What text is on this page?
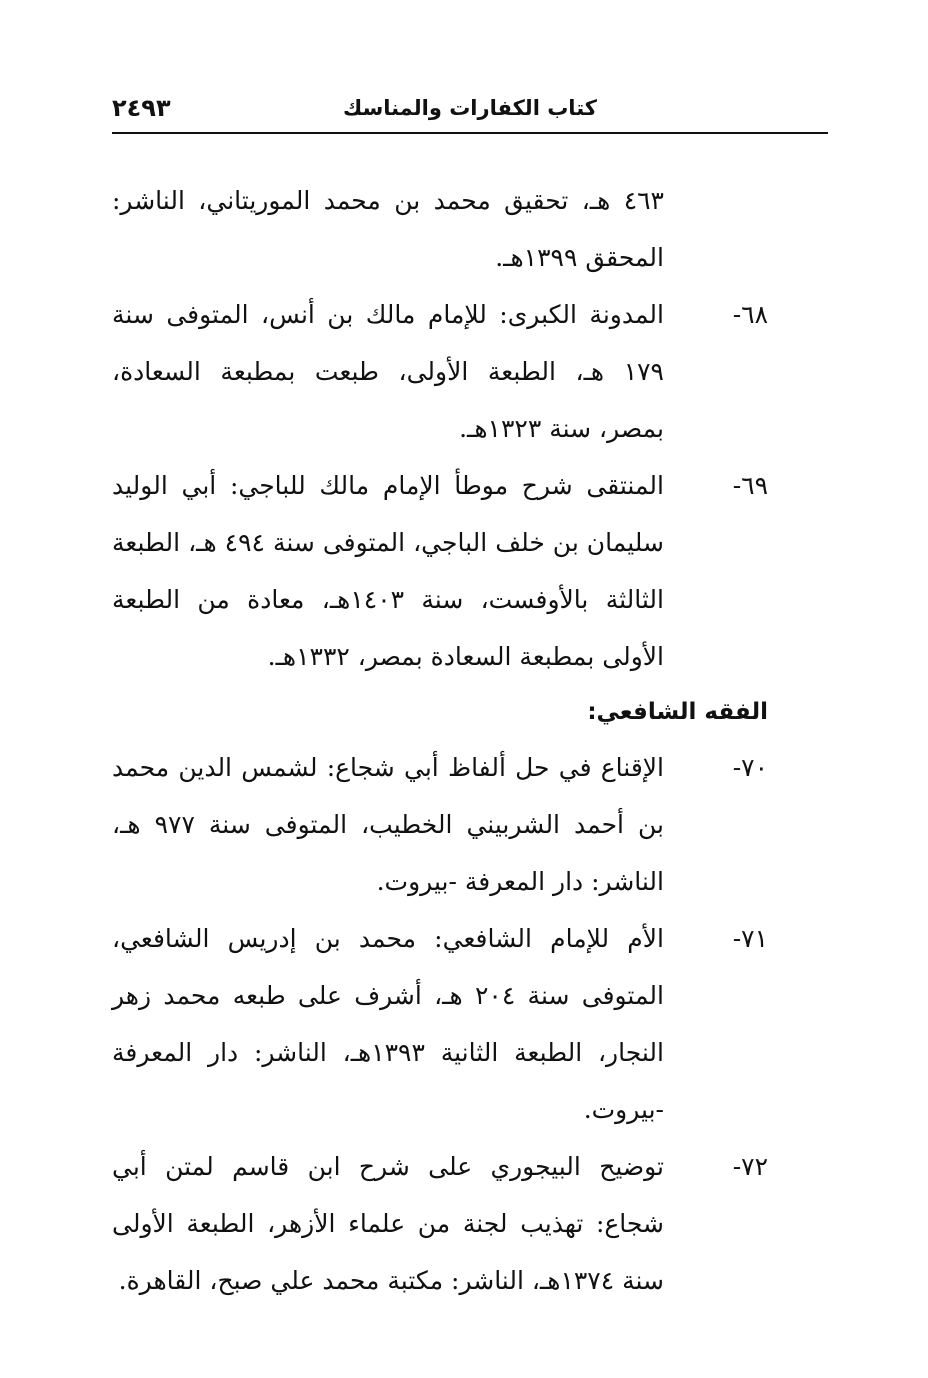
كتاب الكفارات والمناسك
٢٤٩٣
٤٦٣ هـ، تحقيق محمد بن محمد الموريتاني، الناشر: المحقق ١٣٩٩هـ.
٦٨-
المدونة الكبرى: للإمام مالك بن أنس، المتوفى سنة ١٧٩ هـ، الطبعة الأولى، طبعت بمطبعة السعادة، بمصر، سنة ١٣٢٣هـ.
٦٩-
المنتقى شرح موطأ الإمام مالك للباجي: أبي الوليد سليمان بن خلف الباجي، المتوفى سنة ٤٩٤ هـ، الطبعة الثالثة بالأوفست، سنة ١٤٠٣هـ، معادة من الطبعة الأولى بمطبعة السعادة بمصر، ١٣٣٢هـ.
الفقه الشافعي:
٧٠-
الإقناع في حل ألفاظ أبي شجاع: لشمس الدين محمد بن أحمد الشربيني الخطيب، المتوفى سنة ٩٧٧ هـ، الناشر: دار المعرفة -بيروت.
٧١-
الأم للإمام الشافعي: محمد بن إدريس الشافعي، المتوفى سنة ٢٠٤ هـ، أشرف على طبعه محمد زهر النجار، الطبعة الثانية ١٣٩٣هـ، الناشر: دار المعرفة -بيروت.
٧٢-
توضيح البيجوري على شرح ابن قاسم لمتن أبي شجاع: تهذيب لجنة من علماء الأزهر، الطبعة الأولى سنة ١٣٧٤هـ، الناشر: مكتبة محمد علي صبح، القاهرة.
